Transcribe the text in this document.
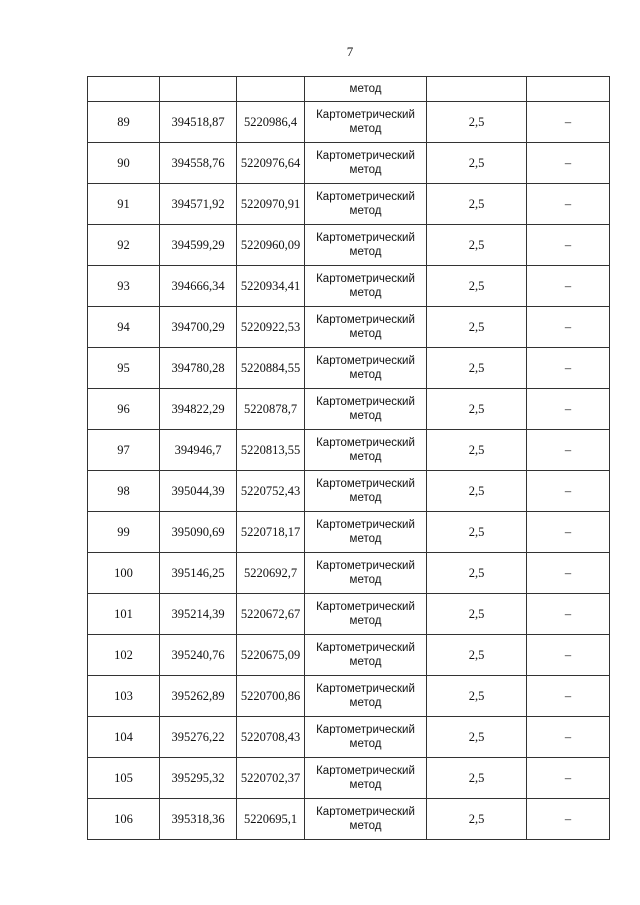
7
			метод		
89	394518,87	5220986,4	Картометрический метод	2,5	–
90	394558,76	5220976,64	Картометрический метод	2,5	–
91	394571,92	5220970,91	Картометрический метод	2,5	–
92	394599,29	5220960,09	Картометрический метод	2,5	–
93	394666,34	5220934,41	Картометрический метод	2,5	–
94	394700,29	5220922,53	Картометрический метод	2,5	–
95	394780,28	5220884,55	Картометрический метод	2,5	–
96	394822,29	5220878,7	Картометрический метод	2,5	–
97	394946,7	5220813,55	Картометрический метод	2,5	–
98	395044,39	5220752,43	Картометрический метод	2,5	–
99	395090,69	5220718,17	Картометрический метод	2,5	–
100	395146,25	5220692,7	Картометрический метод	2,5	–
101	395214,39	5220672,67	Картометрический метод	2,5	–
102	395240,76	5220675,09	Картометрический метод	2,5	–
103	395262,89	5220700,86	Картометрический метод	2,5	–
104	395276,22	5220708,43	Картометрический метод	2,5	–
105	395295,32	5220702,37	Картометрический метод	2,5	–
106	395318,36	5220695,1	Картометрический метод	2,5	–
